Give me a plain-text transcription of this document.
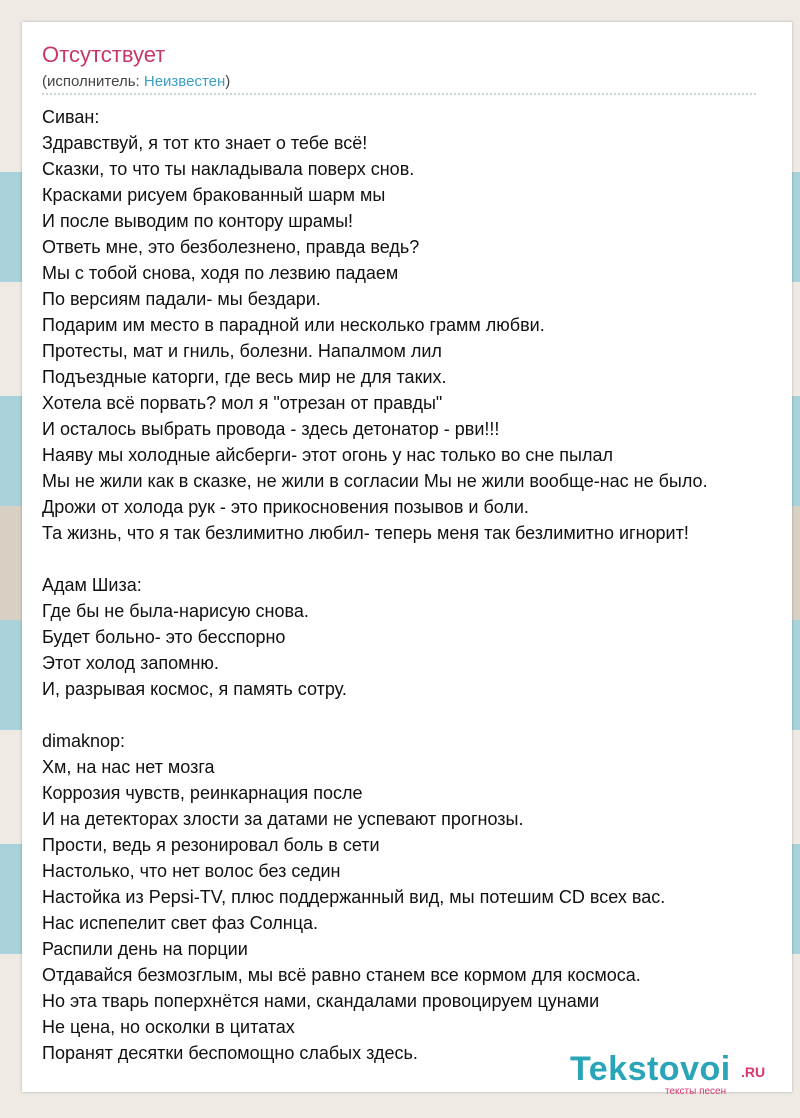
Отсутствует
(исполнитель: Неизвестен)
Сиван:
Здравствуй, я тот кто знает о тебе всё!
Сказки, то что ты накладывала поверх снов.
Красками рисуем бракованный шарм мы
И после выводим по контору шрамы!
Ответь мне, это безболезнено, правда ведь?
Мы с тобой снова, ходя по лезвию падаем
По версиям падали- мы бездари.
Подарим им место в парадной или несколько грамм любви.
Протесты, мат и гниль, болезни. Напалмом лил
Подъездные каторги, где весь мир не для таких.
Хотела всё порвать? мол я "отрезан от правды"
И осталось выбрать провода - здесь детонатор - рви!!!
Наяву мы холодные айсберги- этот огонь у нас только во сне пылал
Мы не жили как в сказке, не жили в согласии Мы не жили вообще-нас не было.
Дрожи от холода рук - это прикосновения позывов и боли.
Та жизнь, что я так безлимитно любил- теперь меня так безлимитно игнорит!
Адам Шиза:
Где бы не была-нарисую снова.
Будет больно- это бесспорно
Этот холод запомню.
И, разрывая космос, я память сотру.
dimaknop:
Хм, на нас нет мозга
Коррозия чувств, реинкарнация после
И на детекторах злости за датами не успевают прогнозы.
Прости, ведь я резонировал боль в сети
Настолько, что нет волос без седин
Настойка из Pepsi-TV, плюс поддержанный вид, мы потешим CD всех вас.
Нас испепелит свет фаз Солнца.
Распили день на порции
Отдавайся безмозглым, мы всё равно станем все кормом для космоса.
Но эта тварь поперхнётся нами, скандалами провоцируем цунами
Не цена, но осколки в цитатах
Поранят десятки беспомощно слабых здесь.	Tekstovoi .RU
тексты песен
